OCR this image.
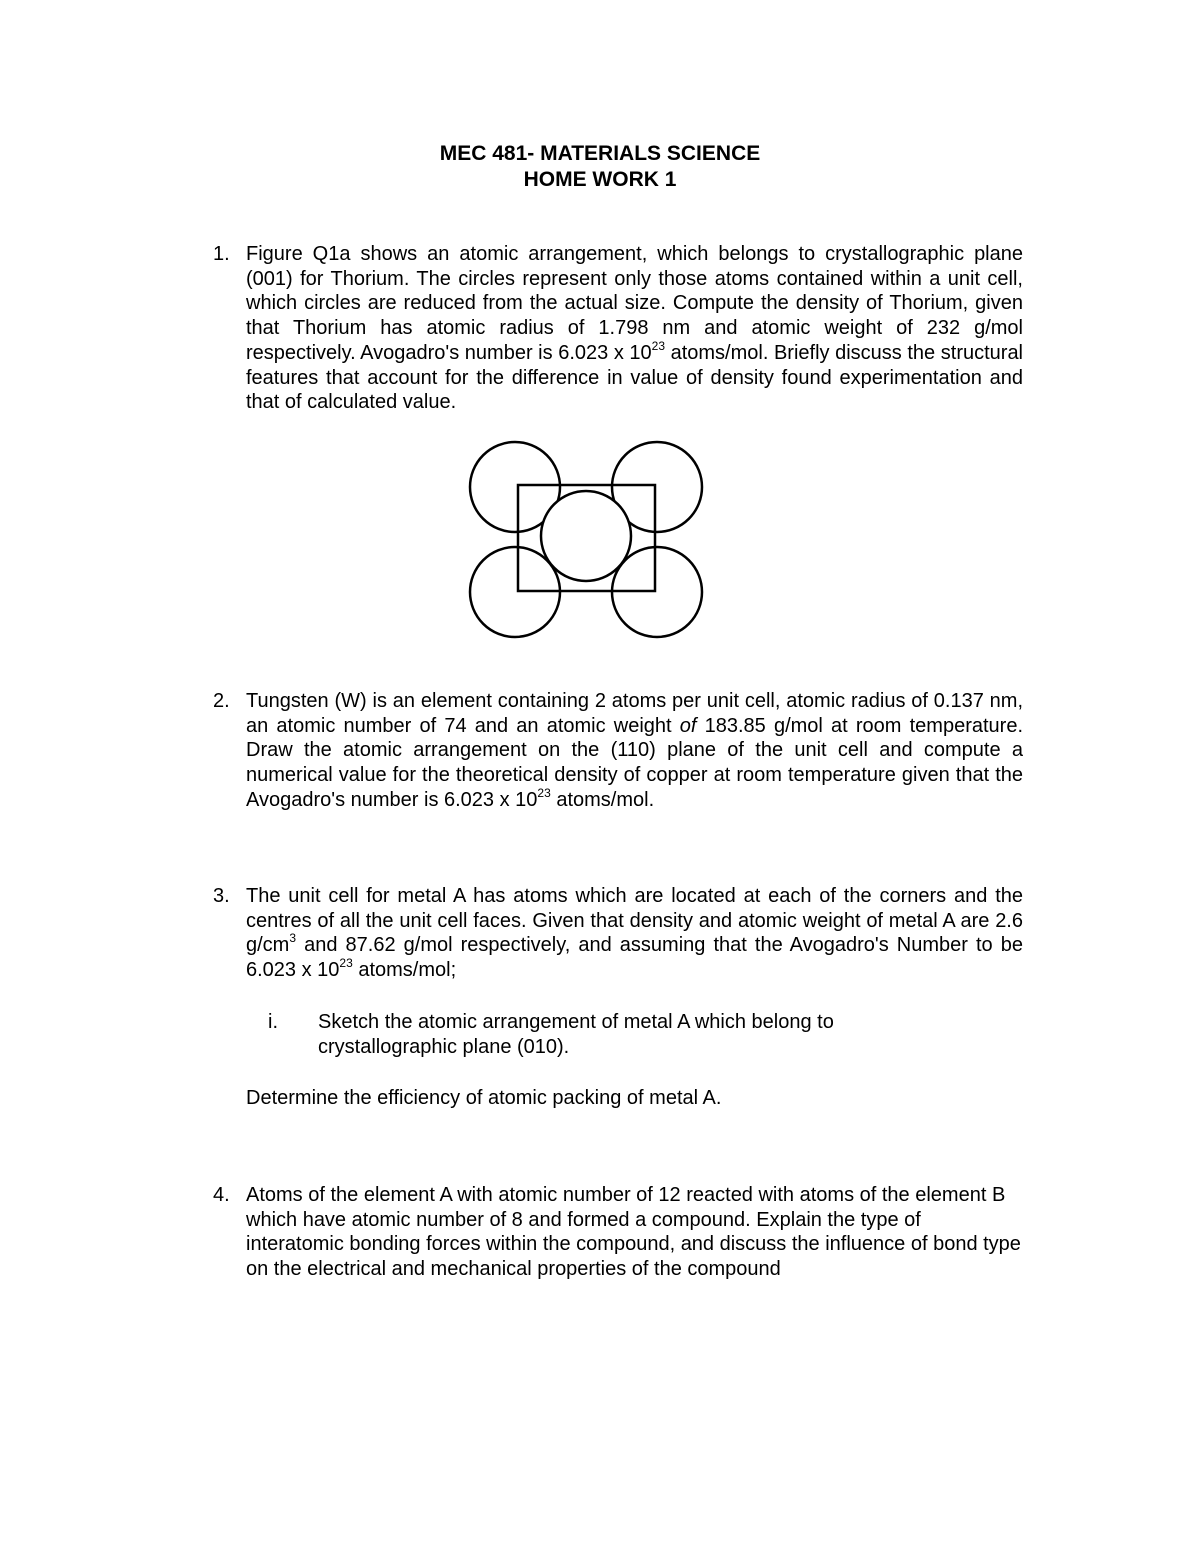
MEC 481- MATERIALS SCIENCE
HOME WORK 1
1. Figure Q1a shows an atomic arrangement, which belongs to crystallographic plane (001) for Thorium. The circles represent only those atoms contained within a unit cell, which circles are reduced from the actual size. Compute the density of Thorium, given that Thorium has atomic radius of 1.798 nm and atomic weight of 232 g/mol respectively. Avogadro's number is 6.023 x $10^{23}$ atoms/mol. Briefly discuss the structural features that account for the difference in value of density found experimentation and that of calculated value.
2. Tungsten (W) is an element containing 2 atoms per unit cell, atomic radius of 0.137 nm, an atomic number of 74 and an atomic weight of 183.85 g/mol at room temperature. Draw the atomic arrangement on the (110) plane of the unit cell and compute a numerical value for the theoretical density of copper at room temperature given that the Avogadro's number is 6.023 x $10^{23}$ atoms/mol.
3. The unit cell for metal A has atoms which are located at each of the corners and the centres of all the unit cell faces. Given that density and atomic weight of metal A are 2.6 $g/cm^3$ and 87.62 g/mol respectively, and assuming that the Avogadro's Number to be 6.023 x $10^{23}$ atoms/mol;
i. Sketch the atomic arrangement of metal A which belong to crystallographic plane (010).
Determine the efficiency of atomic packing of metal A.
4. Atoms of the element A with atomic number of 12 reacted with atoms of the element B which have atomic number of 8 and formed a compound. Explain the type of interatomic bonding forces within the compound, and discuss the influence of bond type on the electrical and mechanical properties of the compound
